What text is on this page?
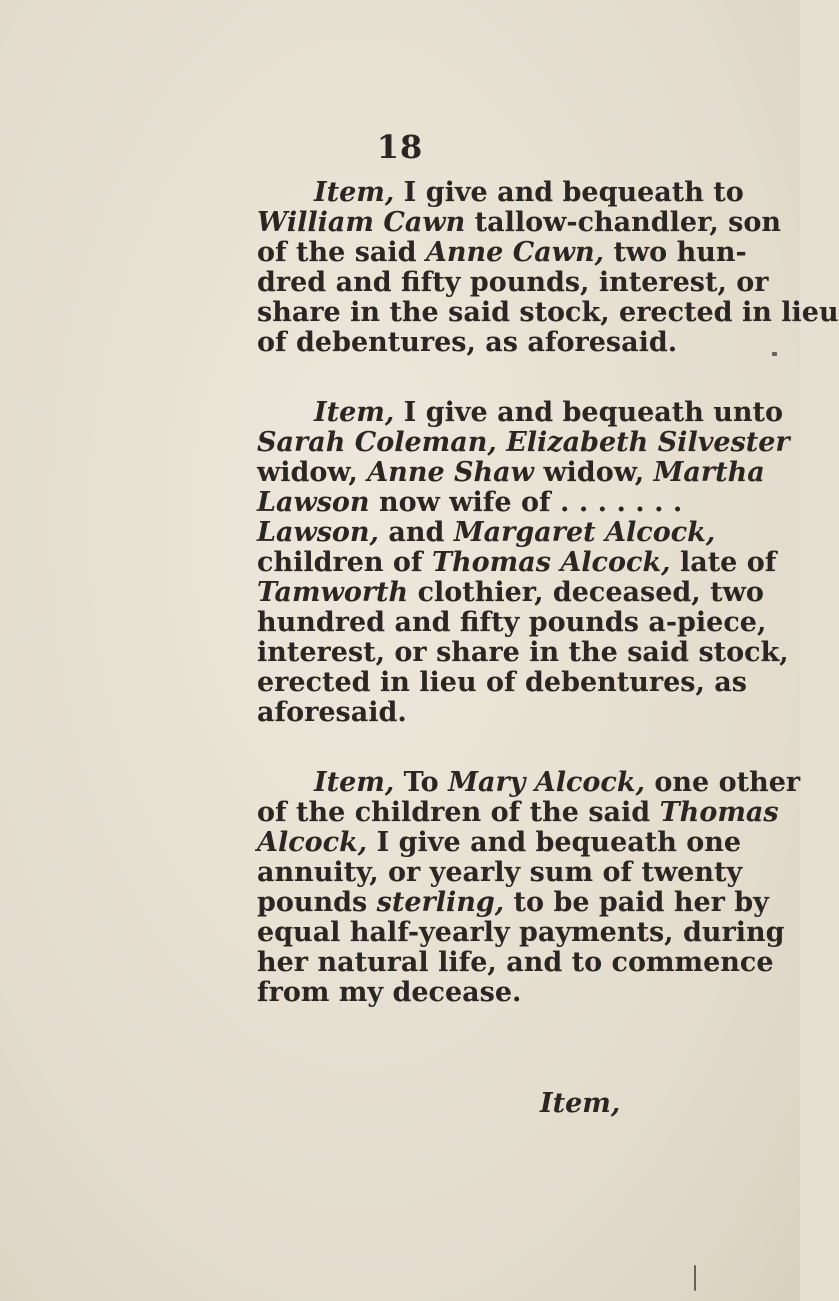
18
Item, I give and bequeath to
William Cawn tallow-chandler, son
of the said Anne Cawn, two hun-
dred and fifty pounds, interest, or
share in the said stock, erected in lieu
of debentures, as aforesaid.
Item, I give and bequeath unto
Sarah Coleman, Elizabeth Silvester
widow, Anne Shaw widow, Martha
Lawson now wife of . . . . . . .
Lawson, and Margaret Alcock,
children of Thomas Alcock, late of
Tamworth clothier, deceased, two
hundred and fifty pounds a-piece,
interest, or share in the said stock,
erected in lieu of debentures, as
aforesaid.
Item, To Mary Alcock, one other
of the children of the said Thomas
Alcock, I give and bequeath one
annuity, or yearly sum of twenty
pounds sterling, to be paid her by
equal half-yearly payments, during
her natural life, and to commence
from my decease.
Item,
